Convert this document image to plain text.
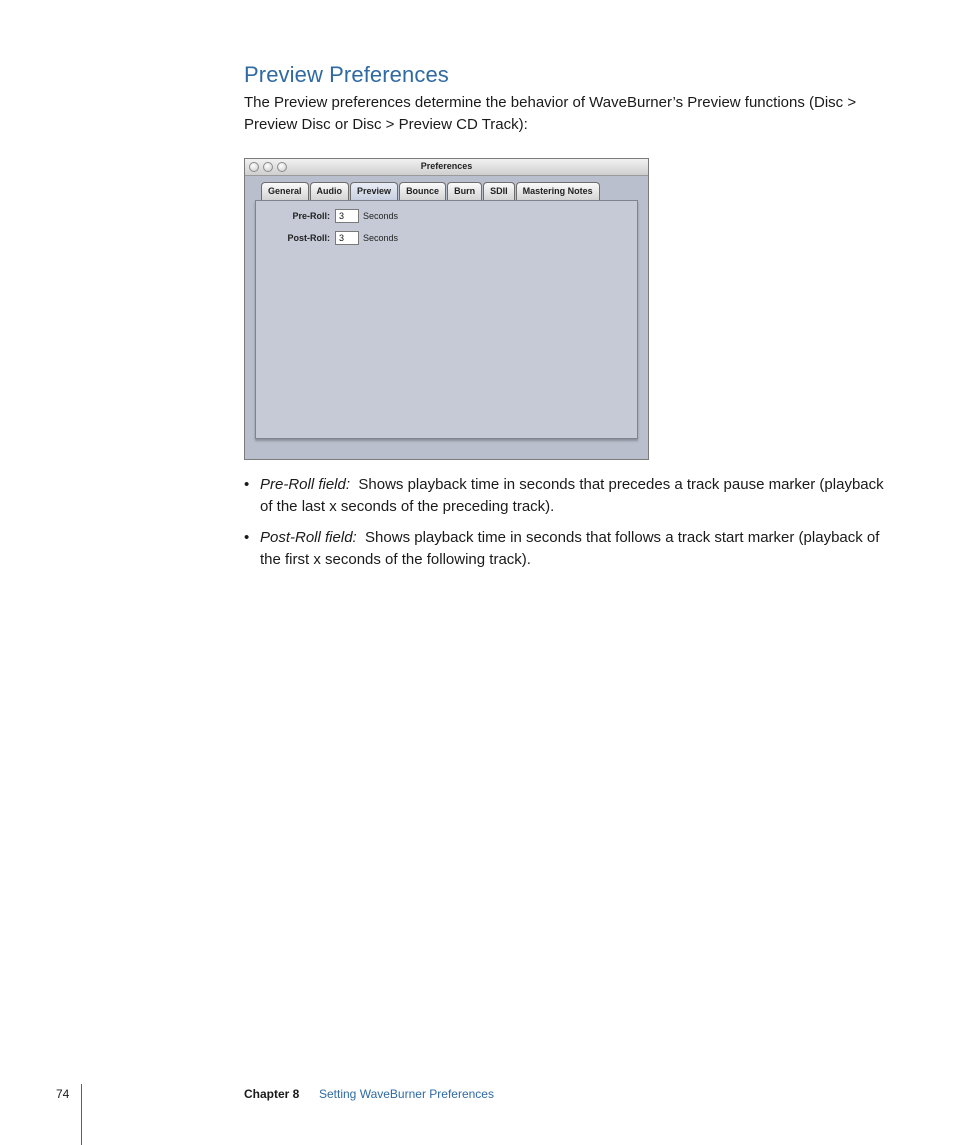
Preview Preferences

The Preview preferences determine the behavior of WaveBurner’s Preview functions (Disc > Preview Disc or Disc > Preview CD Track):

Preferences
General	Audio	Preview	Bounce	Burn	SDII	Mastering Notes
Pre-Roll:	3	Seconds
Post-Roll:	3	Seconds
• Pre-Roll field: Shows playback time in seconds that precedes a track pause marker (playback of the last x seconds of the preceding track).
• Post-Roll field: Shows playback time in seconds that follows a track start marker (playback of the first x seconds of the following track).
74	Chapter 8 Setting WaveBurner Preferences
